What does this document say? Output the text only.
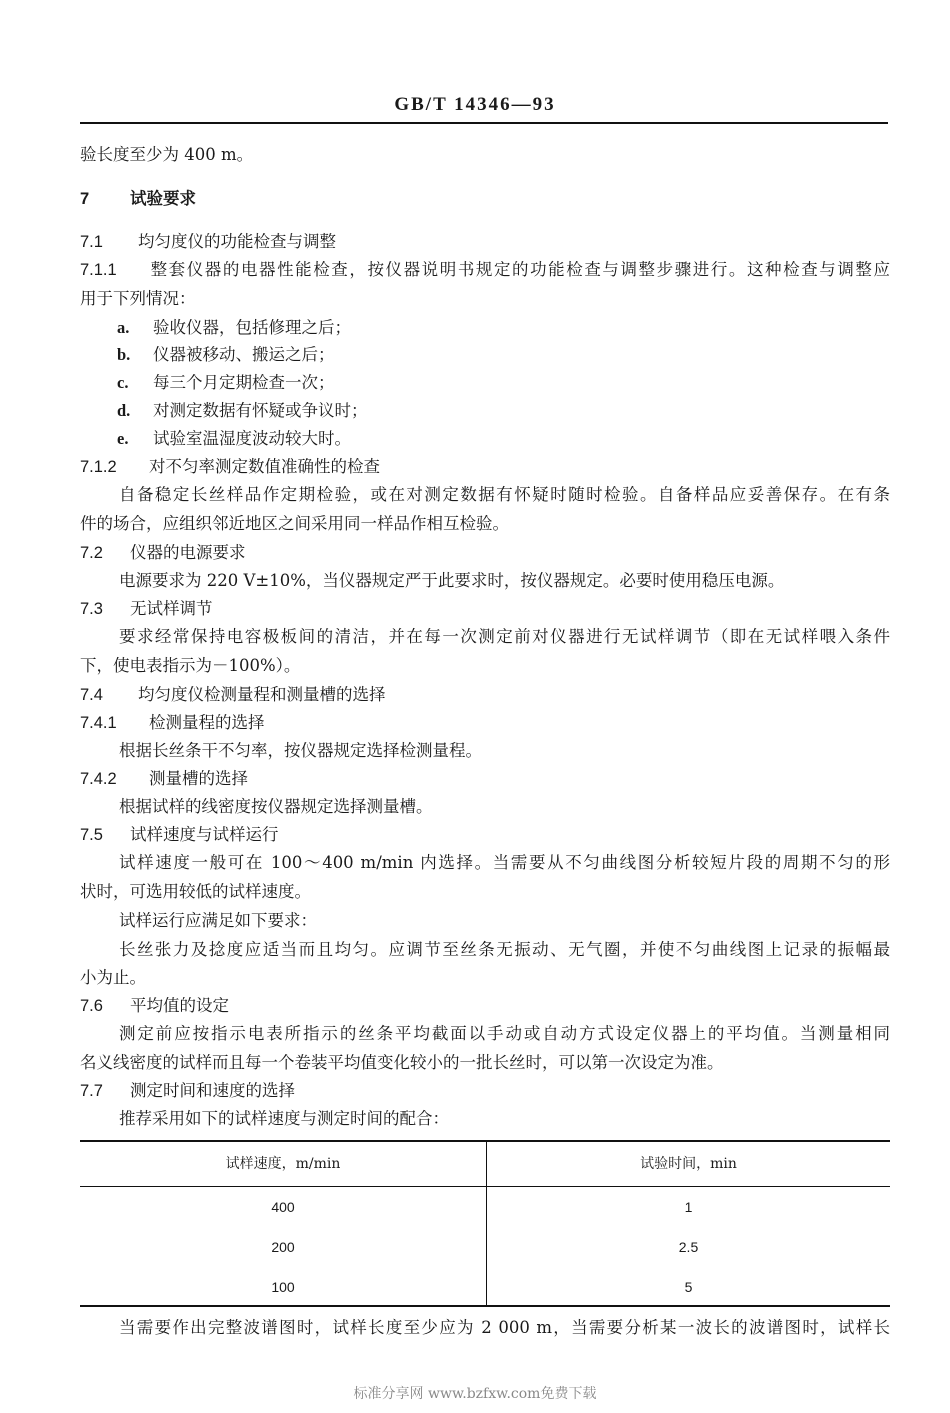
GB/T 14346—93
验长度至少为 400 m。
7 试验要求
7.1 均匀度仪的功能检查与调整
7.1.1 整套仪器的电器性能检查，按仪器说明书规定的功能检查与调整步骤进行。这种检查与调整应
用于下列情况：
a. 验收仪器，包括修理之后；
b. 仪器被移动、搬运之后；
c. 每三个月定期检查一次；
d. 对测定数据有怀疑或争议时；
e. 试验室温湿度波动较大时。
7.1.2 对不匀率测定数值准确性的检查
自备稳定长丝样品作定期检验，或在对测定数据有怀疑时随时检验。自备样品应妥善保存。在有条
件的场合，应组织邻近地区之间采用同一样品作相互检验。
7.2 仪器的电源要求
电源要求为 220 V±10%，当仪器规定严于此要求时，按仪器规定。必要时使用稳压电源。
7.3 无试样调节
要求经常保持电容极板间的清洁，并在每一次测定前对仪器进行无试样调节（即在无试样喂入条件
下，使电表指示为－100%）。
7.4 均匀度仪检测量程和测量槽的选择
7.4.1 检测量程的选择
根据长丝条干不匀率，按仪器规定选择检测量程。
7.4.2 测量槽的选择
根据试样的线密度按仪器规定选择测量槽。
7.5 试样速度与试样运行
试样速度一般可在 100～400 m/min 内选择。当需要从不匀曲线图分析较短片段的周期不匀的形
状时，可选用较低的试样速度。
试样运行应满足如下要求：
长丝张力及捻度应适当而且均匀。应调节至丝条无振动、无气圈，并使不匀曲线图上记录的振幅最
小为止。
7.6 平均值的设定
测定前应按指示电表所指示的丝条平均截面以手动或自动方式设定仪器上的平均值。当测量相同
名义线密度的试样而且每一个卷装平均值变化较小的一批长丝时，可以第一次设定为准。
7.7 测定时间和速度的选择
推荐采用如下的试样速度与测定时间的配合：
试样速度，m/min	试验时间，min
400	1
200	2.5
100	5
当需要作出完整波谱图时，试样长度至少应为 2 000 m，当需要分析某一波长的波谱图时，试样长
标准分享网 www.bzfxw.com免费下载
